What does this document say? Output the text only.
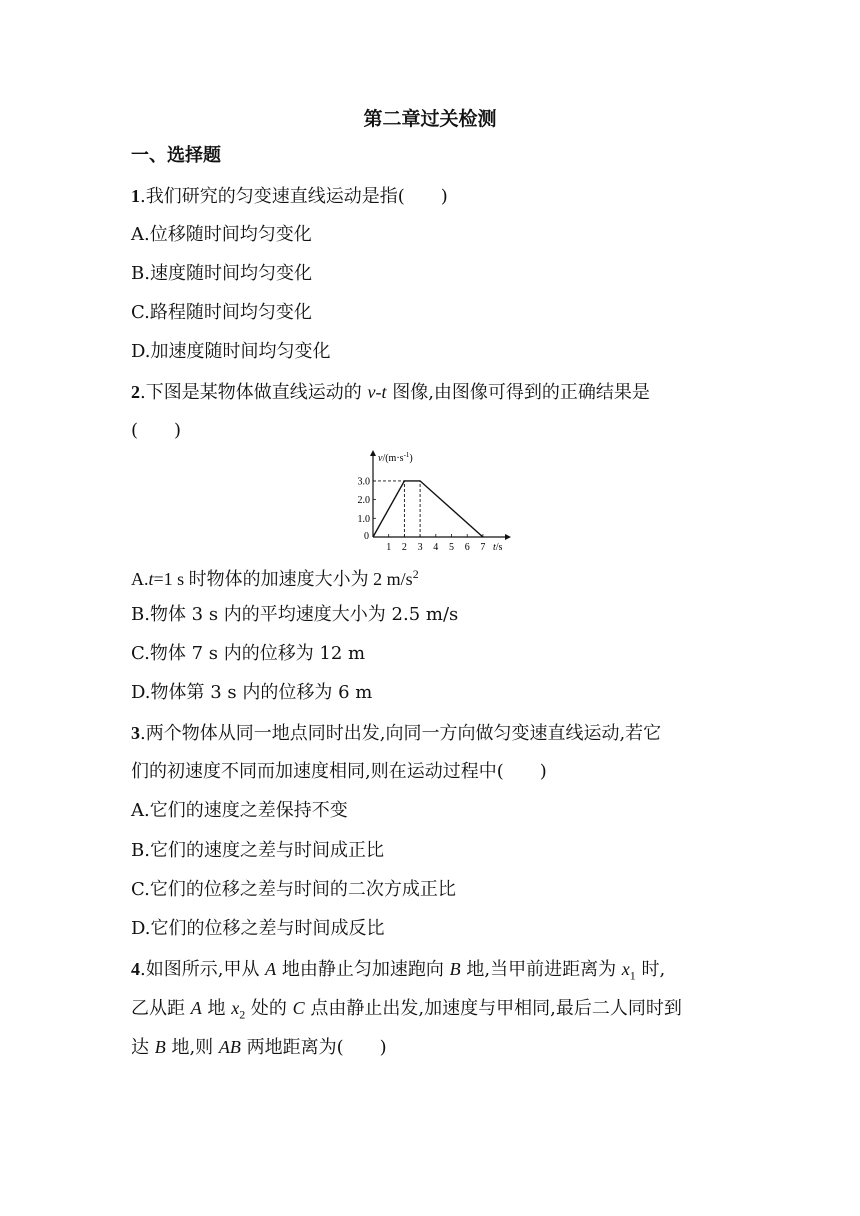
第二章过关检测
一、选择题
1.我们研究的匀变速直线运动是指(　　)
A.位移随时间均匀变化
B.速度随时间均匀变化
C.路程随时间均匀变化
D.加速度随时间均匀变化
2.下图是某物体做直线运动的 v-t 图像,由图像可得到的正确结果是
(　　)
$v/(m\cdot s^{-1})$
t/s
0
1 2 3 4 5 6 7
1.0
2.0
3.0
A.t=1 s 时物体的加速度大小为 2 $m/s^2$
B.物体 3 s 内的平均速度大小为 2.5 m/s
C.物体 7 s 内的位移为 12 m
D.物体第 3 s 内的位移为 6 m
3.两个物体从同一地点同时出发,向同一方向做匀变速直线运动,若它
们的初速度不同而加速度相同,则在运动过程中(　　)
A.它们的速度之差保持不变
B.它们的速度之差与时间成正比
C.它们的位移之差与时间的二次方成正比
D.它们的位移之差与时间成反比
4.如图所示,甲从 A 地由静止匀加速跑向 B 地,当甲前进距离为 $x_1$ 时,
乙从距 A 地 $x_2$ 处的 C 点由静止出发,加速度与甲相同,最后二人同时到
达 B 地,则 AB 两地距离为(　　)
